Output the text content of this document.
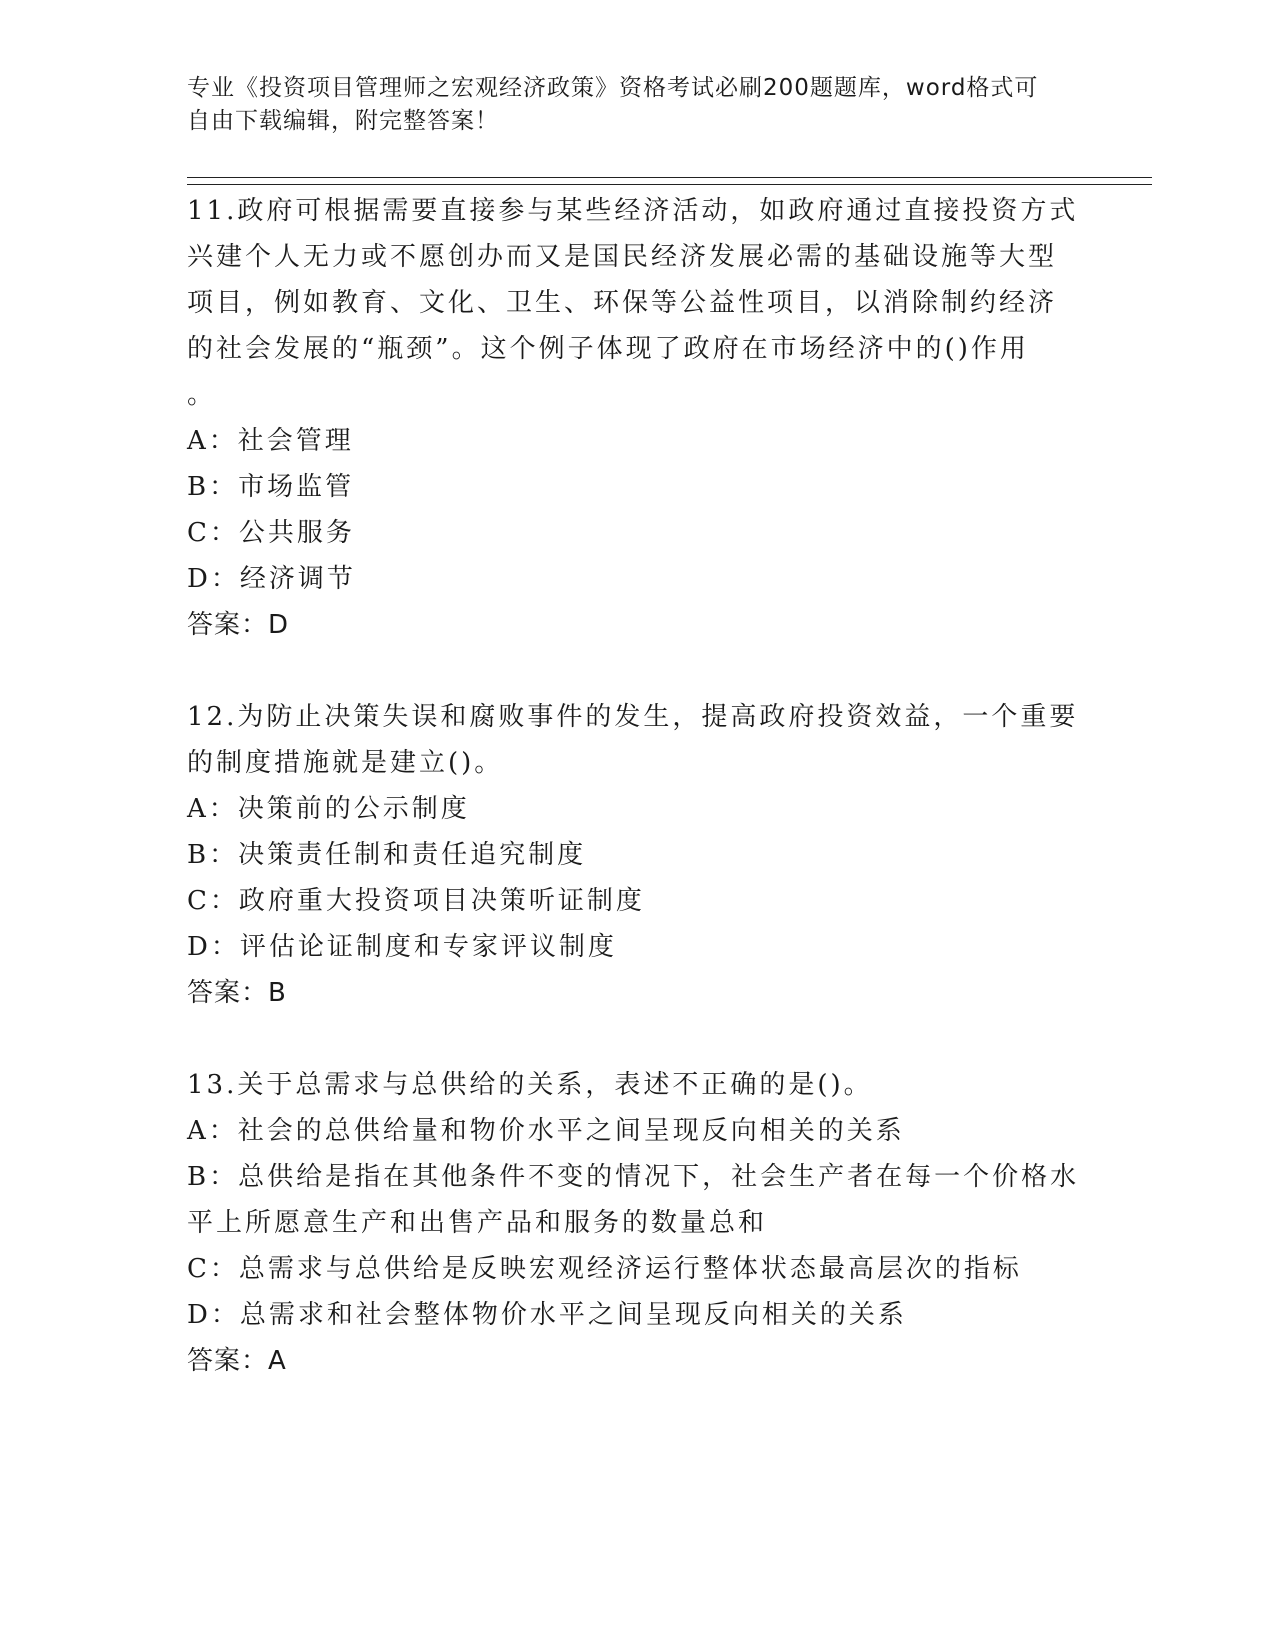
专业《投资项目管理师之宏观经济政策》资格考试必刷200题题库，word格式可
自由下载编辑，附完整答案！
11.政府可根据需要直接参与某些经济活动，如政府通过直接投资方式
兴建个人无力或不愿创办而又是国民经济发展必需的基础设施等大型
项目，例如教育、文化、卫生、环保等公益性项目，以消除制约经济
的社会发展的“瓶颈”。这个例子体现了政府在市场经济中的()作用
。
A：社会管理
B：市场监管
C：公共服务
D：经济调节
答案：D
12.为防止决策失误和腐败事件的发生，提高政府投资效益，一个重要
的制度措施就是建立()。
A：决策前的公示制度
B：决策责任制和责任追究制度
C：政府重大投资项目决策听证制度
D：评估论证制度和专家评议制度
答案：B
13.关于总需求与总供给的关系，表述不正确的是()。
A：社会的总供给量和物价水平之间呈现反向相关的关系
B：总供给是指在其他条件不变的情况下，社会生产者在每一个价格水
平上所愿意生产和出售产品和服务的数量总和
C：总需求与总供给是反映宏观经济运行整体状态最高层次的指标
D：总需求和社会整体物价水平之间呈现反向相关的关系
答案：A
